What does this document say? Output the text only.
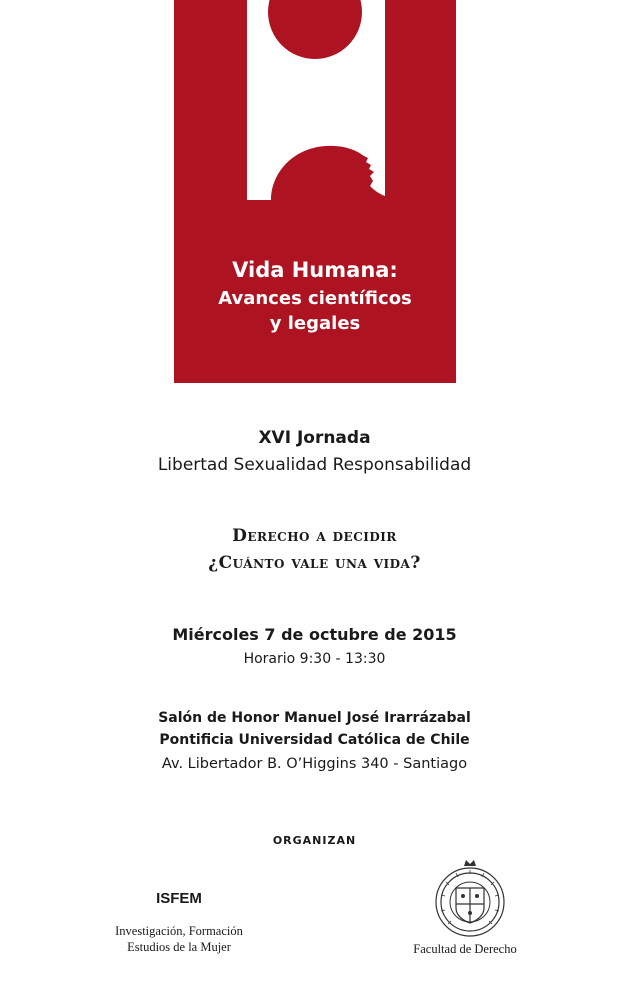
Vida Humana:
Avances científicos
y legales
XVI Jornada
Libertad Sexualidad Responsabilidad
Derecho a decidir
¿Cuánto vale una vida?
Miércoles 7 de octubre de 2015
Horario 9:30 - 13:30
Salón de Honor Manuel José Irarrázabal
Pontificia Universidad Católica de Chile
Av. Libertador B. O’Higgins 340 - Santiago
ORGANIZAN
ISFEM
Investigación, Formación
Estudios de la Mujer	Facultad de Derecho
